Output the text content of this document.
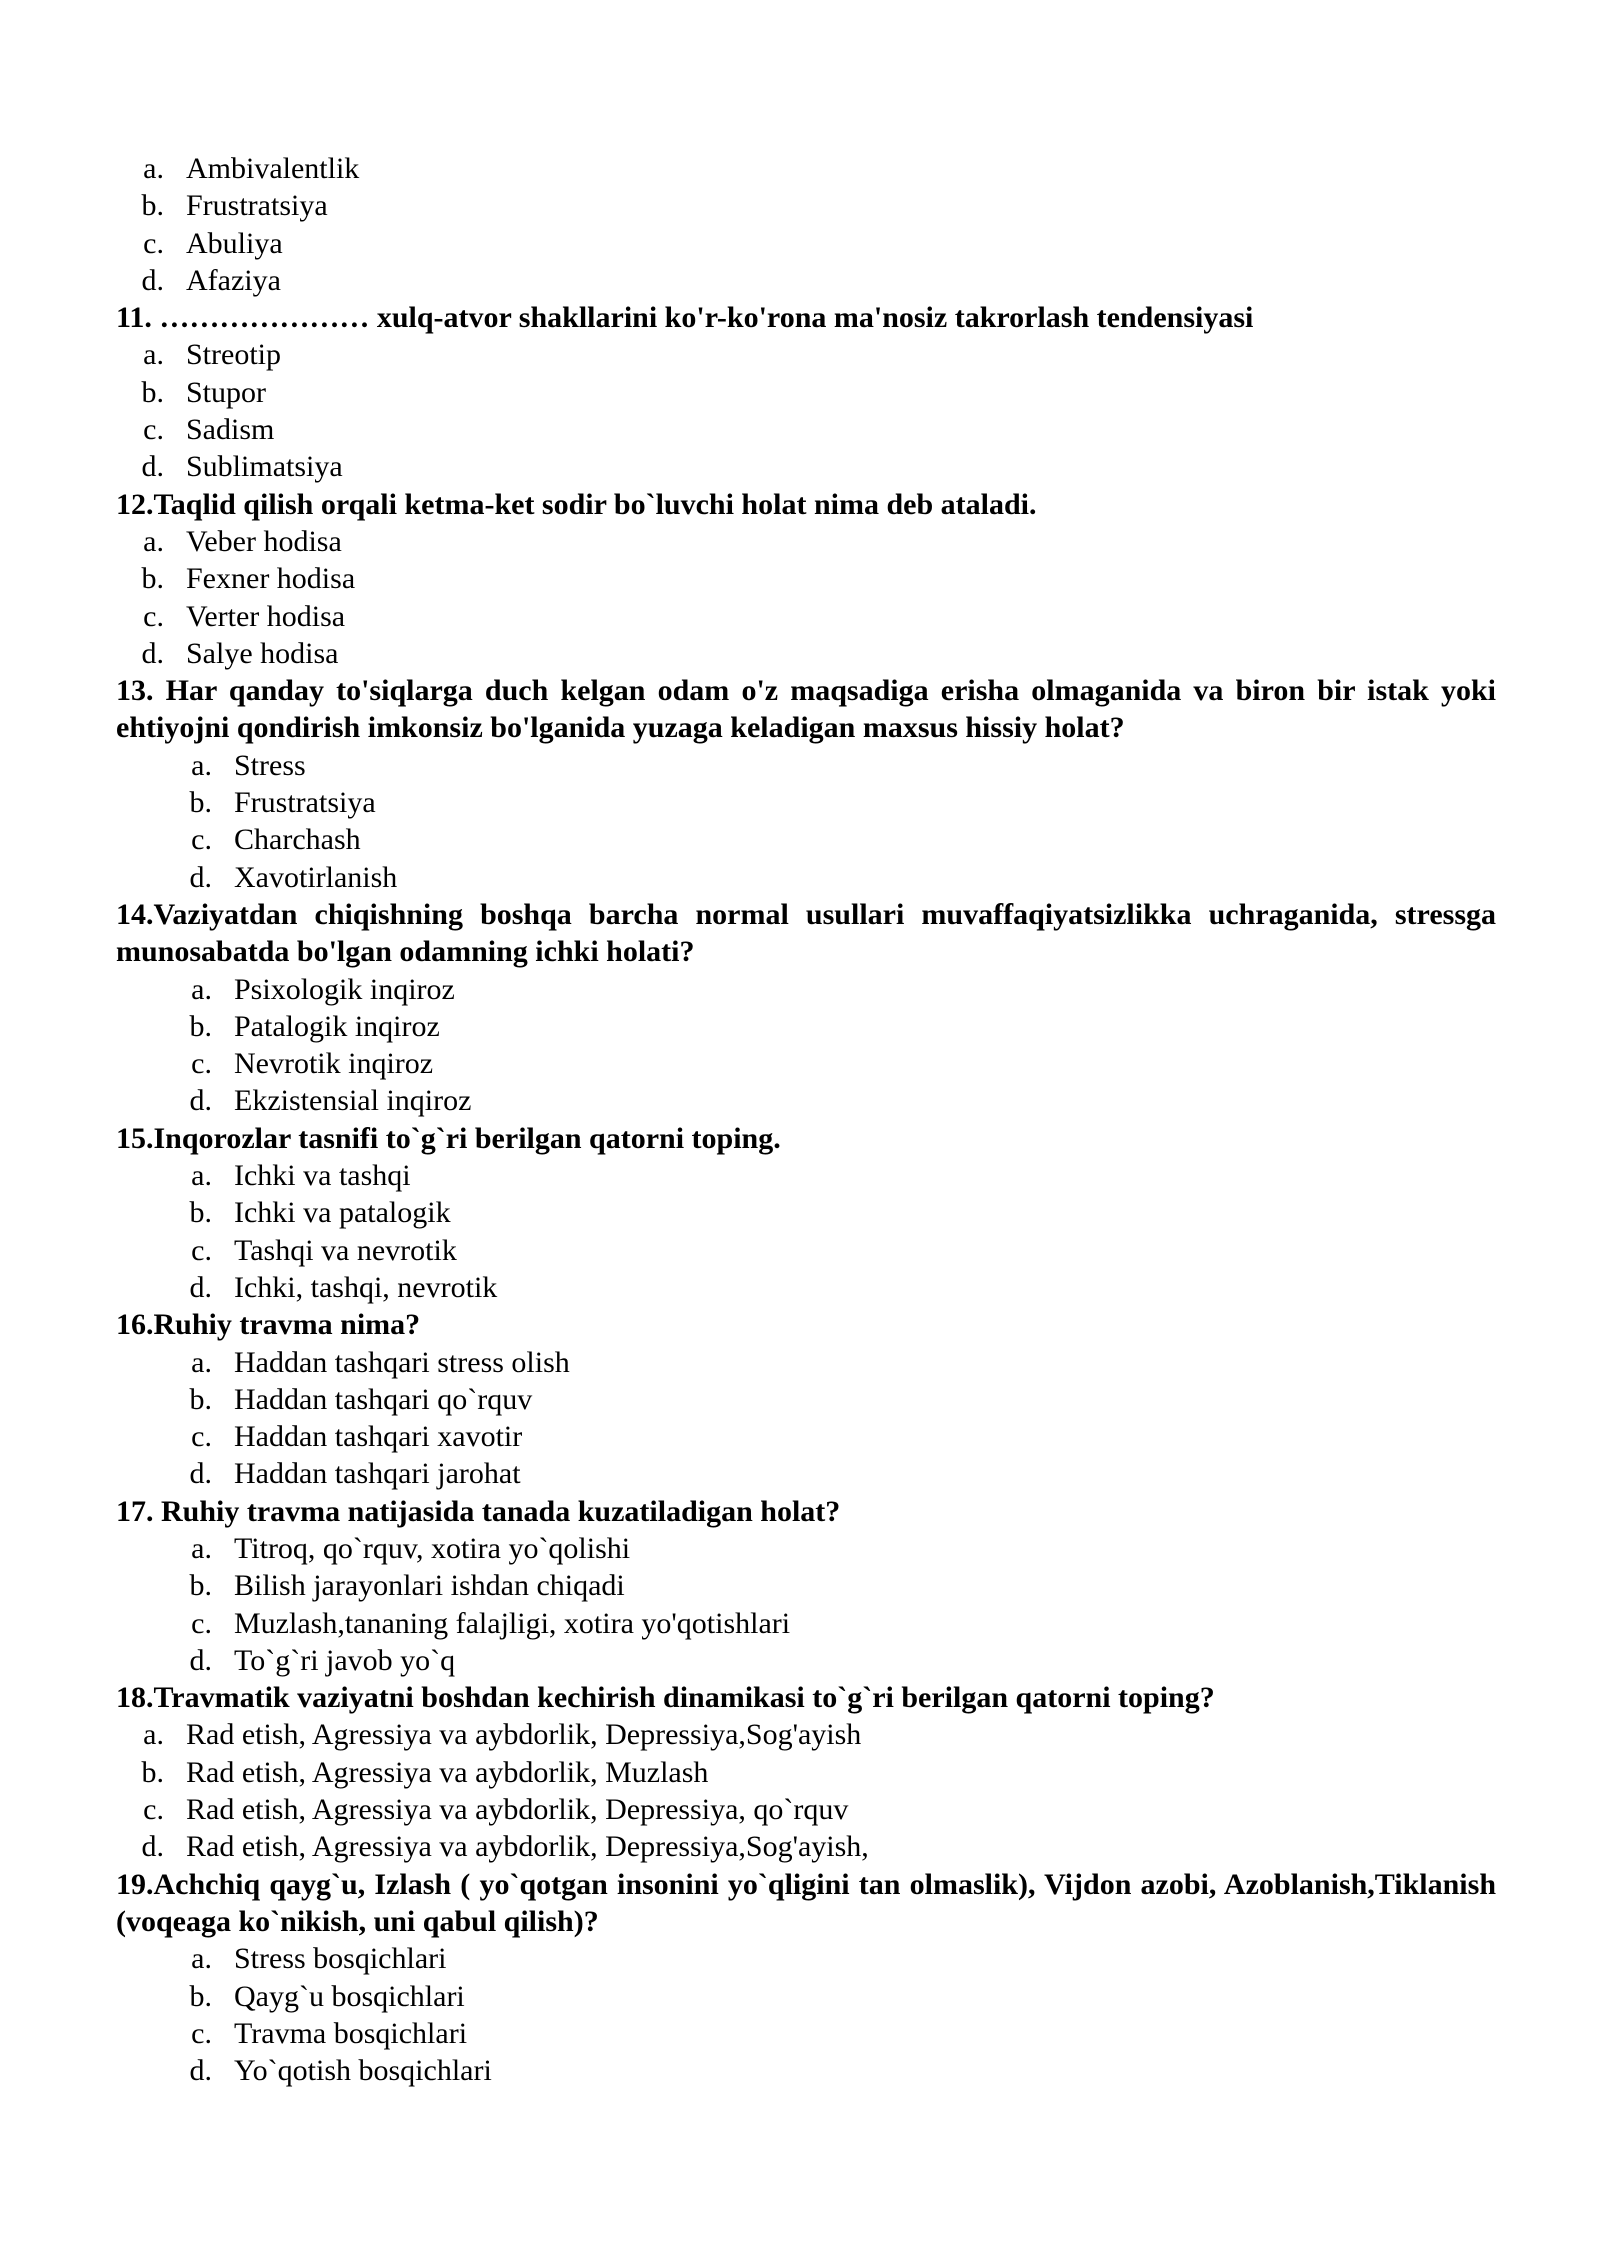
a. Ambivalentlik
b. Frustratsiya
c. Abuliya
d. Afaziya

11. ………………… xulq-atvor shakllarini ko'r-ko'rona ma'nosiz takrorlash tendensiyasi

a. Streotip
b. Stupor
c. Sadism
d. Sublimatsiya

12.Taqlid qilish orqali ketma-ket sodir bo`luvchi holat nima deb ataladi.

a. Veber hodisa
b. Fexner hodisa
c. Verter hodisa
d. Salye hodisa

13. Har qanday to'siqlarga duch kelgan odam o'z maqsadiga erisha olmaganida va biron bir istak yoki ehtiyojni qondirish imkonsiz bo'lganida yuzaga keladigan maxsus hissiy holat?

a. Stress
b. Frustratsiya
c. Charchash
d. Xavotirlanish

14.Vaziyatdan chiqishning boshqa barcha normal usullari muvaffaqiyatsizlikka uchraganida, stressga munosabatda bo'lgan odamning ichki holati?

a. Psixologik inqiroz
b. Patalogik inqiroz
c. Nevrotik inqiroz
d. Ekzistensial inqiroz

15.Inqorozlar tasnifi to`g`ri berilgan qatorni toping.

a. Ichki va tashqi
b. Ichki va patalogik
c. Tashqi va nevrotik
d. Ichki, tashqi, nevrotik

16.Ruhiy travma nima?

a. Haddan tashqari stress olish
b. Haddan tashqari qo`rquv
c. Haddan tashqari xavotir
d. Haddan tashqari jarohat

17. Ruhiy travma natijasida tanada kuzatiladigan holat?

a. Titroq, qo`rquv, xotira yo`qolishi
b. Bilish jarayonlari ishdan chiqadi
c. Muzlash,tananing falajligi, xotira yo'qotishlari
d. To`g`ri javob yo`q

18.Travmatik vaziyatni boshdan kechirish dinamikasi to`g`ri berilgan qatorni toping?

a. Rad etish, Agressiya va aybdorlik, Depressiya,Sog'ayish
b. Rad etish, Agressiya va aybdorlik, Muzlash
c. Rad etish, Agressiya va aybdorlik, Depressiya, qo`rquv
d. Rad etish, Agressiya va aybdorlik, Depressiya,Sog'ayish,

19.Achchiq qayg`u, Izlash ( yo`qotgan insonini yo`qligini tan olmaslik), Vijdon azobi, Azoblanish,Tiklanish (voqeaga ko`nikish, uni qabul qilish)?

a. Stress bosqichlari
b. Qayg`u bosqichlari
c. Travma bosqichlari
d. Yo`qotish bosqichlari
